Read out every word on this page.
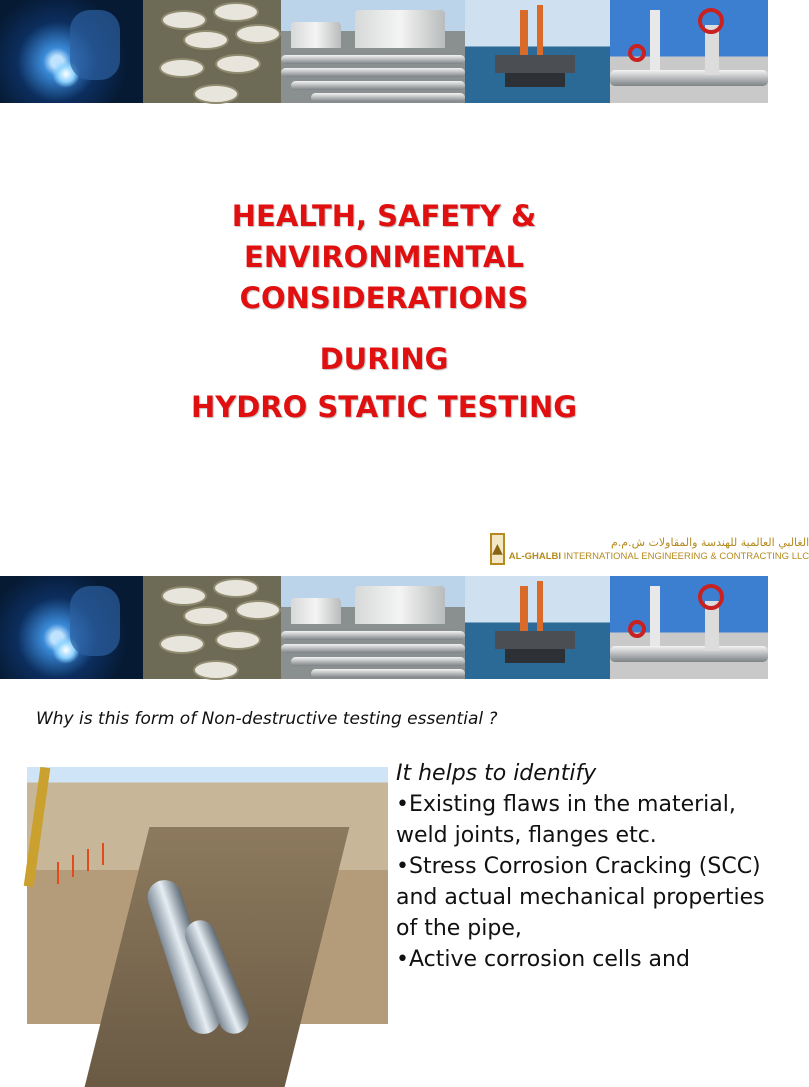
HEALTH, SAFETY &
ENVIRONMENTAL
CONSIDERATIONS
DURING
HYDRO STATIC TESTING
▲	الغالبي العالمية للهندسة والمقاولات ش.م.م
AL-GHALBI INTERNATIONAL ENGINEERING & CONTRACTING LLC
Why is this form of Non-destructive testing essential ?
It helps to identify
•Existing flaws in the material, weld joints, flanges etc.
•Stress Corrosion Cracking (SCC) and actual mechanical properties of the pipe,
•Active corrosion cells and
